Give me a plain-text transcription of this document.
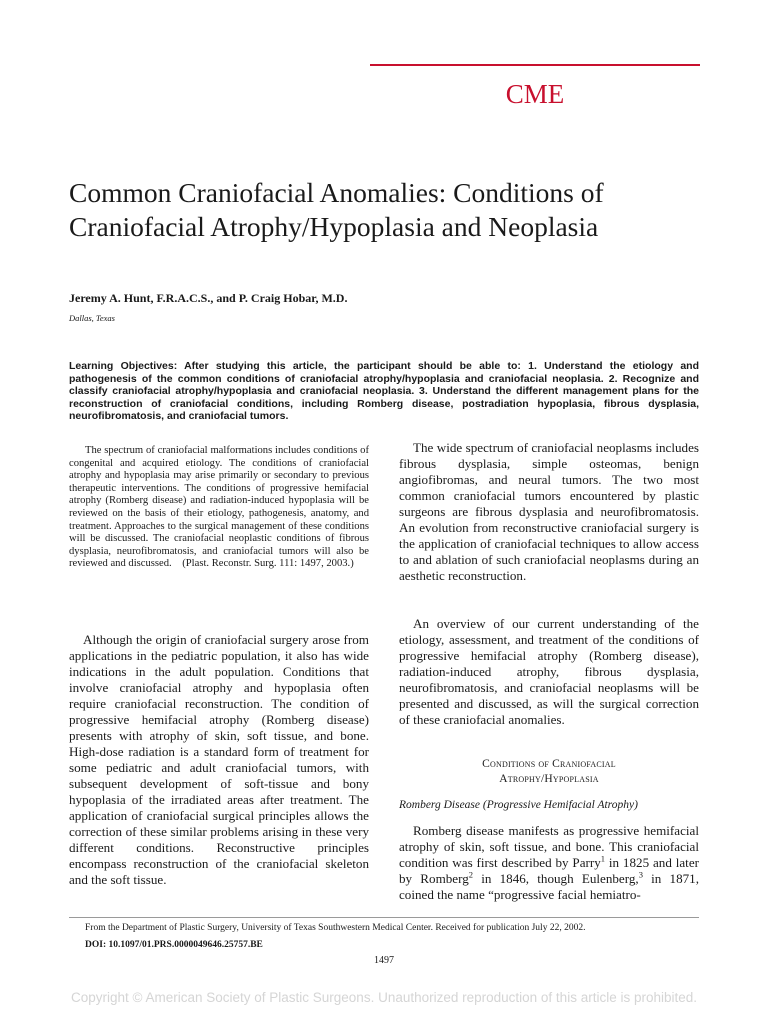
CME
Common Craniofacial Anomalies: Conditions of Craniofacial Atrophy/Hypoplasia and Neoplasia
Jeremy A. Hunt, F.R.A.C.S., and P. Craig Hobar, M.D.
Dallas, Texas

Learning Objectives: After studying this article, the participant should be able to: 1. Understand the etiology and pathogenesis of the common conditions of craniofacial atrophy/hypoplasia and craniofacial neoplasia. 2. Recognize and classify craniofacial atrophy/hypoplasia and craniofacial neoplasia. 3. Understand the different management plans for the reconstruction of craniofacial conditions, including Romberg disease, postradiation hypoplasia, fibrous dysplasia, neurofibromatosis, and craniofacial tumors.

The spectrum of craniofacial malformations includes conditions of congenital and acquired etiology. The conditions of craniofacial atrophy and hypoplasia may arise primarily or secondary to previous therapeutic interventions. The conditions of progressive hemifacial atrophy (Romberg disease) and radiation-induced hypoplasia will be reviewed on the basis of their etiology, pathogenesis, anatomy, and treatment. Approaches to the surgical management of these conditions will be discussed. The craniofacial neoplastic conditions of fibrous dysplasia, neurofibromatosis, and craniofacial tumors will also be reviewed and discussed. (Plast. Reconstr. Surg. 111: 1497, 2003.)

Although the origin of craniofacial surgery arose from applications in the pediatric population, it also has wide indications in the adult population. Conditions that involve craniofacial atrophy and hypoplasia often require craniofacial reconstruction. The condition of progressive hemifacial atrophy (Romberg disease) presents with atrophy of skin, soft tissue, and bone. High-dose radiation is a standard form of treatment for some pediatric and adult craniofacial tumors, with subsequent development of soft-tissue and bony hypoplasia of the irradiated areas after treatment. The application of craniofacial surgical principles allows the correction of these similar problems arising in these very different conditions. Reconstructive principles encompass reconstruction of the craniofacial skeleton and the soft tissue.

The wide spectrum of craniofacial neoplasms includes fibrous dysplasia, simple osteomas, benign angiofibromas, and neural tumors. The two most common craniofacial tumors encountered by plastic surgeons are fibrous dysplasia and neurofibromatosis. An evolution from reconstructive craniofacial surgery is the application of craniofacial techniques to allow access to and ablation of such craniofacial neoplasms during an aesthetic reconstruction.

An overview of our current understanding of the etiology, assessment, and treatment of the conditions of progressive hemifacial atrophy (Romberg disease), radiation-induced atrophy, fibrous dysplasia, neurofibromatosis, and craniofacial neoplasms will be presented and discussed, as will the surgical correction of these craniofacial anomalies.

Conditions of Craniofacial
Atrophy/Hypoplasia
Romberg Disease (Progressive Hemifacial Atrophy)

Romberg disease manifests as progressive hemifacial atrophy of skin, soft tissue, and bone. This craniofacial condition was first described by Parry$^1$ in 1825 and later by Romberg$^2$ in 1846, though Eulenberg,$^3$ in 1871, coined the name “progressive facial hemiatro-

From the Department of Plastic Surgery, University of Texas Southwestern Medical Center. Received for publication July 22, 2002.
DOI: 10.1097/01.PRS.0000049646.25757.BE
1497
Copyright © American Society of Plastic Surgeons. Unauthorized reproduction of this article is prohibited.
